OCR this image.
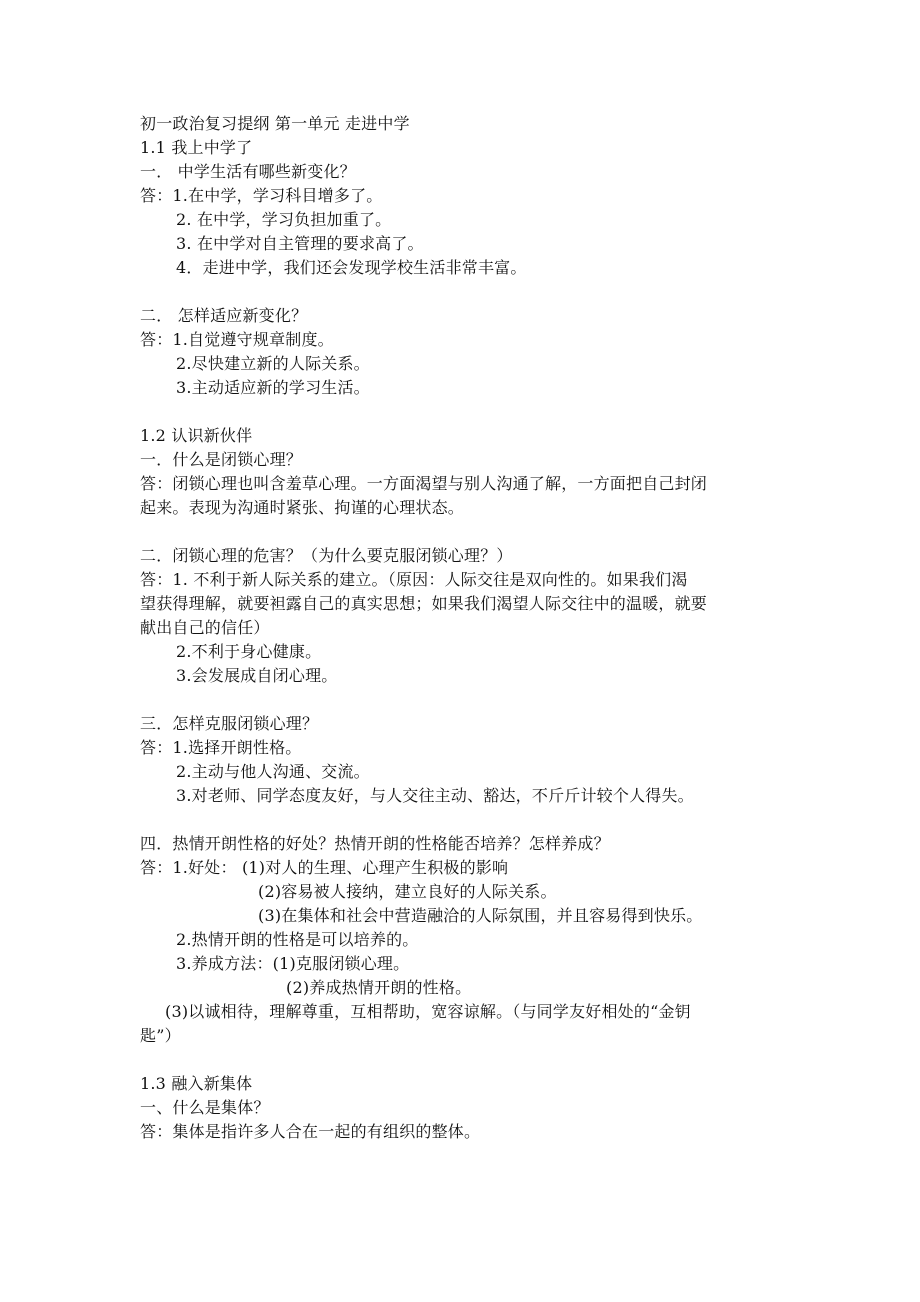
初一政治复习提纲 第一单元 走进中学
1.1 我上中学了
一． 中学生活有哪些新变化？
答：1.在中学，学习科目增多了。
2. 在中学，学习负担加重了。
3. 在中学对自主管理的要求高了。
4．走进中学，我们还会发现学校生活非常丰富。
二． 怎样适应新变化？
答：1.自觉遵守规章制度。
2.尽快建立新的人际关系。
3.主动适应新的学习生活。
1.2 认识新伙伴
一．什么是闭锁心理？
答：闭锁心理也叫含羞草心理。一方面渴望与别人沟通了解，一方面把自己封闭
起来。表现为沟通时紧张、拘谨的心理状态。
二．闭锁心理的危害？（为什么要克服闭锁心理？）
答：1. 不利于新人际关系的建立。（原因：人际交往是双向性的。如果我们渴
望获得理解，就要袒露自己的真实思想；如果我们渴望人际交往中的温暖，就要
献出自己的信任）
2.不利于身心健康。
3.会发展成自闭心理。
三．怎样克服闭锁心理？
答：1.选择开朗性格。
2.主动与他人沟通、交流。
3.对老师、同学态度友好，与人交往主动、豁达，不斤斤计较个人得失。
四．热情开朗性格的好处？热情开朗的性格能否培养？怎样养成？
答：1.好处： (1)对人的生理、心理产生积极的影响
(2)容易被人接纳，建立良好的人际关系。
(3)在集体和社会中营造融洽的人际氛围，并且容易得到快乐。
2.热情开朗的性格是可以培养的。
3.养成方法：(1)克服闭锁心理。
(2)养成热情开朗的性格。
(3)以诚相待，理解尊重，互相帮助，宽容谅解。（与同学友好相处的“金钥
匙”）
1.3 融入新集体
一、什么是集体？
答：集体是指许多人合在一起的有组织的整体。
